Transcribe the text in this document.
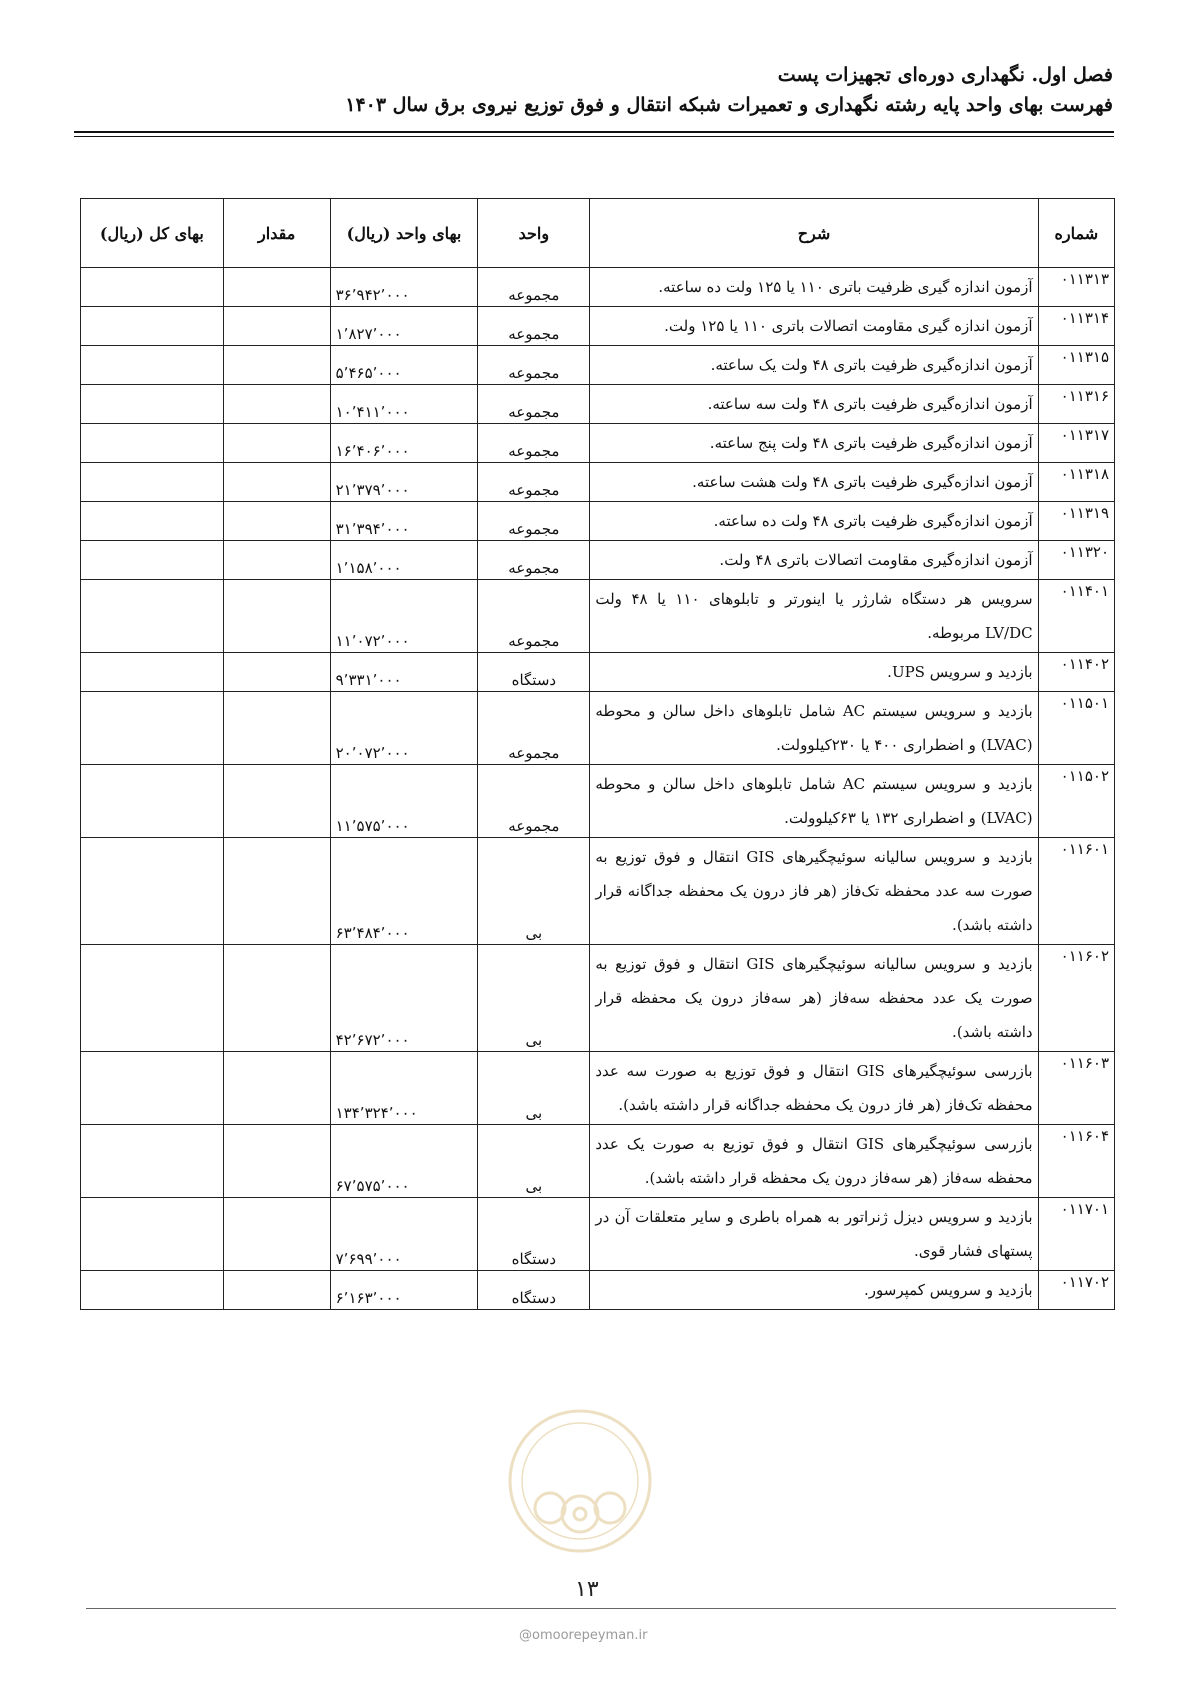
فصل اول. نگهداری دوره‌ای تجهیزات پست
فهرست بهای واحد پایه رشته نگهداری و تعمیرات شبکه انتقال و فوق توزیع نیروی برق سال ۱۴۰۳
شماره	شرح	واحد	بهای واحد (ریال)	مقدار	بهای کل (ریال)
۰۱۱۳۱۳	آزمون اندازه گیری ظرفیت باتری ۱۱۰ یا ۱۲۵ ولت ده ساعته.	مجموعه	۳۶٬۹۴۲٬۰۰۰		
۰۱۱۳۱۴	آزمون اندازه گیری مقاومت اتصالات باتری ۱۱۰ یا ۱۲۵ ولت.	مجموعه	۱٬۸۲۷٬۰۰۰		
۰۱۱۳۱۵	آزمون اندازه‌گیری ظرفیت باتری ۴۸ ولت یک ساعته.	مجموعه	۵٬۴۶۵٬۰۰۰		
۰۱۱۳۱۶	آزمون اندازه‌گیری ظرفیت باتری ۴۸ ولت سه ساعته.	مجموعه	۱۰٬۴۱۱٬۰۰۰		
۰۱۱۳۱۷	آزمون اندازه‌گیری ظرفیت باتری ۴۸ ولت پنج ساعته.	مجموعه	۱۶٬۴۰۶٬۰۰۰		
۰۱۱۳۱۸	آزمون اندازه‌گیری ظرفیت باتری ۴۸ ولت هشت ساعته.	مجموعه	۲۱٬۳۷۹٬۰۰۰		
۰۱۱۳۱۹	آزمون اندازه‌گیری ظرفیت باتری ۴۸ ولت ده ساعته.	مجموعه	۳۱٬۳۹۴٬۰۰۰		
۰۱۱۳۲۰	آزمون اندازه‌گیری مقاومت اتصالات باتری ۴۸ ولت.	مجموعه	۱٬۱۵۸٬۰۰۰		
۰۱۱۴۰۱	سرویس هر دستگاه شارژر یا اینورتر و تابلوهای ۱۱۰ یا ۴۸ ولت LV/DC مربوطه.	مجموعه	۱۱٬۰۷۲٬۰۰۰		
۰۱۱۴۰۲	بازدید و سرویس UPS.	دستگاه	۹٬۳۳۱٬۰۰۰		
۰۱۱۵۰۱	بازدید و سرویس سیستم AC شامل تابلوهای داخل سالن و محوطه (LVAC) و اضطراری ۴۰۰ یا ۲۳۰کیلوولت.	مجموعه	۲۰٬۰۷۲٬۰۰۰		
۰۱۱۵۰۲	بازدید و سرویس سیستم AC شامل تابلوهای داخل سالن و محوطه (LVAC) و اضطراری ۱۳۲ یا ۶۳کیلوولت.	مجموعه	۱۱٬۵۷۵٬۰۰۰		
۰۱۱۶۰۱	بازدید و سرویس سالیانه سوئیچگیرهای GIS انتقال و فوق توزیع به صورت سه عدد محفظه تک‌فاز (هر فاز درون یک محفظه جداگانه قرار داشته باشد).	بی	۶۳٬۴۸۴٬۰۰۰		
۰۱۱۶۰۲	بازدید و سرویس سالیانه سوئیچگیرهای GIS انتقال و فوق توزیع به صورت یک عدد محفظه سه‌فاز (هر سه‌فاز درون یک محفظه قرار داشته باشد).	بی	۴۲٬۶۷۲٬۰۰۰		
۰۱۱۶۰۳	بازرسی سوئیچگیرهای GIS انتقال و فوق توزیع به صورت سه عدد محفظه تک‌فاز (هر فاز درون یک محفظه جداگانه قرار داشته باشد).	بی	۱۳۴٬۳۲۴٬۰۰۰		
۰۱۱۶۰۴	بازرسی سوئیچگیرهای GIS انتقال و فوق توزیع به صورت یک عدد محفظه سه‌فاز (هر سه‌فاز درون یک محفظه قرار داشته باشد).	بی	۶۷٬۵۷۵٬۰۰۰		
۰۱۱۷۰۱	بازدید و سرویس دیزل ژنراتور به همراه باطری و سایر متعلقات آن در پستهای فشار قوی.	دستگاه	۷٬۶۹۹٬۰۰۰		
۰۱۱۷۰۲	بازدید و سرویس کمپرسور.	دستگاه	۶٬۱۶۳٬۰۰۰		
۱۳
@omoorepeyman.ir
